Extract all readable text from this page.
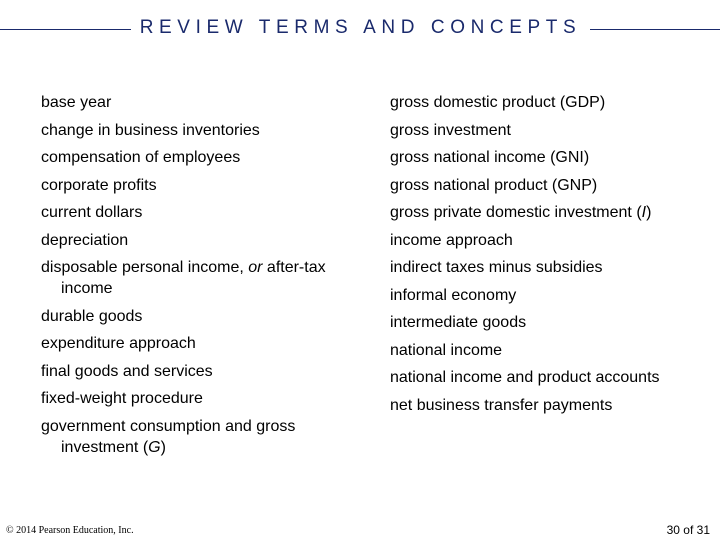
REVIEW TERMS AND CONCEPTS
base year
change in business inventories
compensation of employees
corporate profits
current dollars
depreciation
disposable personal income, or after-tax
income
durable goods
expenditure approach
final goods and services
fixed-weight procedure
government consumption and gross
investment (G)
gross domestic product (GDP)
gross investment
gross national income (GNI)
gross national product (GNP)
gross private domestic investment (I)
income approach
indirect taxes minus subsidies
informal economy
intermediate goods
national income
national income and product accounts
net business transfer payments
© 2014 Pearson Education, Inc.	30 of 31
